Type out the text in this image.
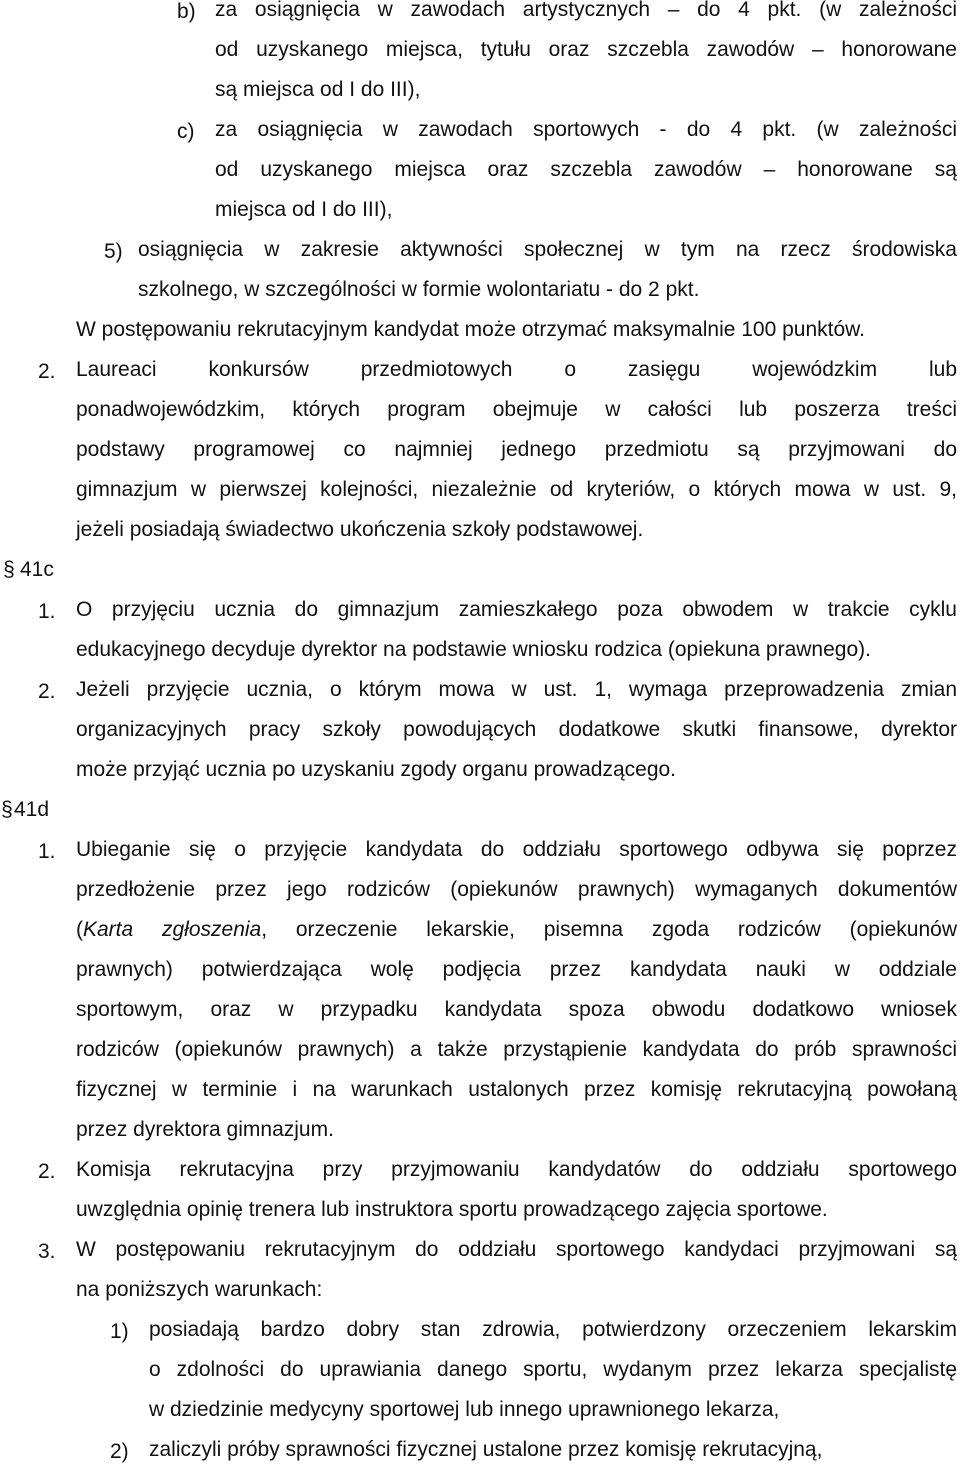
b) za osiągnięcia w zawodach artystycznych – do 4 pkt. (w zależności
od uzyskanego miejsca, tytułu oraz szczebla zawodów – honorowane
są miejsca od I do III),
c) za osiągnięcia w zawodach sportowych - do 4 pkt. (w zależności
od uzyskanego miejsca oraz szczebla zawodów – honorowane są
miejsca od I do III),
5) osiągnięcia w zakresie aktywności społecznej w tym na rzecz środowiska
szkolnego, w szczególności w formie wolontariatu - do 2 pkt.
W postępowaniu rekrutacyjnym kandydat może otrzymać maksymalnie 100 punktów.
2. Laureaci konkursów przedmiotowych o zasięgu wojewódzkim lub
ponadwojewódzkim, których program obejmuje w całości lub poszerza treści
podstawy programowej co najmniej jednego przedmiotu są przyjmowani do
gimnazjum w pierwszej kolejności, niezależnie od kryteriów, o których mowa w ust. 9,
jeżeli posiadają świadectwo ukończenia szkoły podstawowej.
§ 41c
1. O przyjęciu ucznia do gimnazjum zamieszkałego poza obwodem w trakcie cyklu
edukacyjnego decyduje dyrektor na podstawie wniosku rodzica (opiekuna prawnego).
2. Jeżeli przyjęcie ucznia, o którym mowa w ust. 1, wymaga przeprowadzenia zmian
organizacyjnych pracy szkoły powodujących dodatkowe skutki finansowe, dyrektor
może przyjąć ucznia po uzyskaniu zgody organu prowadzącego.
§41d
1. Ubieganie się o przyjęcie kandydata do oddziału sportowego odbywa się poprzez
przedłożenie przez jego rodziców (opiekunów prawnych) wymaganych dokumentów
(Karta zgłoszenia, orzeczenie lekarskie, pisemna zgoda rodziców (opiekunów
prawnych) potwierdzająca wolę podjęcia przez kandydata nauki w oddziale
sportowym, oraz w przypadku kandydata spoza obwodu dodatkowo wniosek
rodziców (opiekunów prawnych) a także przystąpienie kandydata do prób sprawności
fizycznej w terminie i na warunkach ustalonych przez komisję rekrutacyjną powołaną
przez dyrektora gimnazjum.
2. Komisja rekrutacyjna przy przyjmowaniu kandydatów do oddziału sportowego
uwzględnia opinię trenera lub instruktora sportu prowadzącego zajęcia sportowe.
3. W postępowaniu rekrutacyjnym do oddziału sportowego kandydaci przyjmowani są
na poniższych warunkach:
1) posiadają bardzo dobry stan zdrowia, potwierdzony orzeczeniem lekarskim
o zdolności do uprawiania danego sportu, wydanym przez lekarza specjalistę
w dziedzinie medycyny sportowej lub innego uprawnionego lekarza,
2) zaliczyli próby sprawności fizycznej ustalone przez komisję rekrutacyjną,
